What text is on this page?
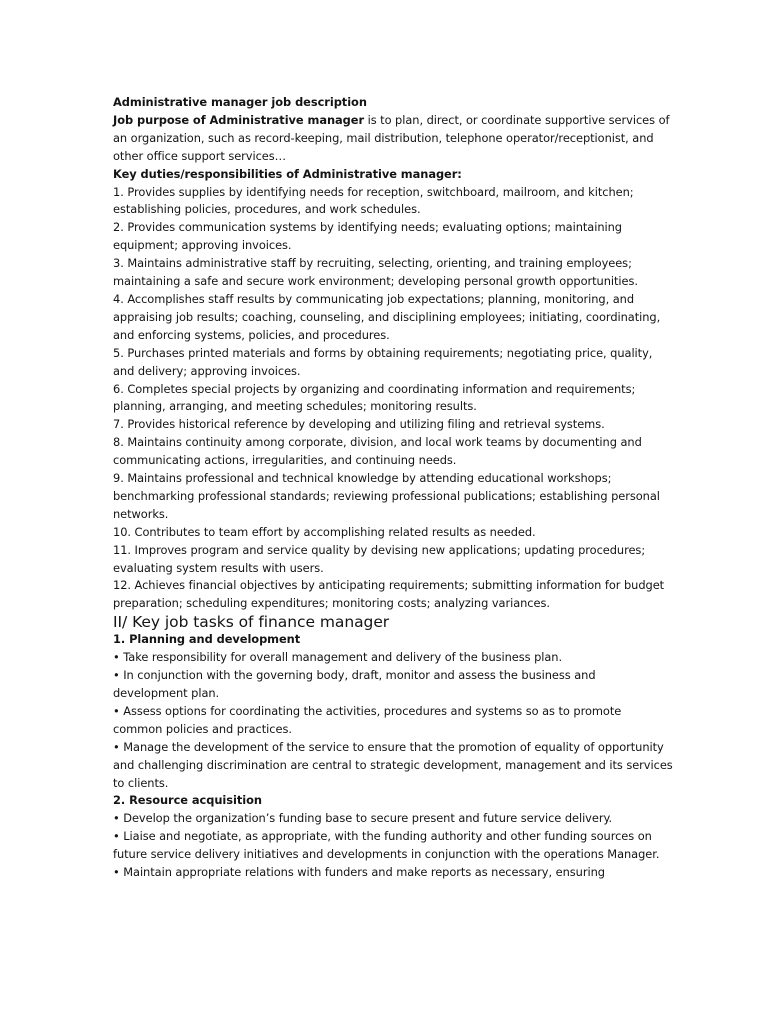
Administrative manager job description

Job purpose of Administrative manager is to plan, direct, or coordinate supportive services of an organization, such as record-keeping, mail distribution, telephone operator/receptionist, and other office support services…

Key duties/responsibilities of Administrative manager:

1. Provides supplies by identifying needs for reception, switchboard, mailroom, and kitchen; establishing policies, procedures, and work schedules.

2. Provides communication systems by identifying needs; evaluating options; maintaining equipment; approving invoices.

3. Maintains administrative staff by recruiting, selecting, orienting, and training employees; maintaining a safe and secure work environment; developing personal growth opportunities.

4. Accomplishes staff results by communicating job expectations; planning, monitoring, and appraising job results; coaching, counseling, and disciplining employees; initiating, coordinating, and enforcing systems, policies, and procedures.

5. Purchases printed materials and forms by obtaining requirements; negotiating price, quality, and delivery; approving invoices.

6. Completes special projects by organizing and coordinating information and requirements; planning, arranging, and meeting schedules; monitoring results.

7. Provides historical reference by developing and utilizing filing and retrieval systems.

8. Maintains continuity among corporate, division, and local work teams by documenting and communicating actions, irregularities, and continuing needs.

9. Maintains professional and technical knowledge by attending educational workshops; benchmarking professional standards; reviewing professional publications; establishing personal networks.

10. Contributes to team effort by accomplishing related results as needed.

11. Improves program and service quality by devising new applications; updating procedures; evaluating system results with users.

12. Achieves financial objectives by anticipating requirements; submitting information for budget preparation; scheduling expenditures; monitoring costs; analyzing variances.

II/ Key job tasks of finance manager

1. Planning and development

• Take responsibility for overall management and delivery of the business plan.

• In conjunction with the governing body, draft, monitor and assess the business and development plan.

• Assess options for coordinating the activities, procedures and systems so as to promote common policies and practices.

• Manage the development of the service to ensure that the promotion of equality of opportunity and challenging discrimination are central to strategic development, management and its services to clients.

2. Resource acquisition

• Develop the organization’s funding base to secure present and future service delivery.

• Liaise and negotiate, as appropriate, with the funding authority and other funding sources on future service delivery initiatives and developments in conjunction with the operations Manager.

• Maintain appropriate relations with funders and make reports as necessary, ensuring
